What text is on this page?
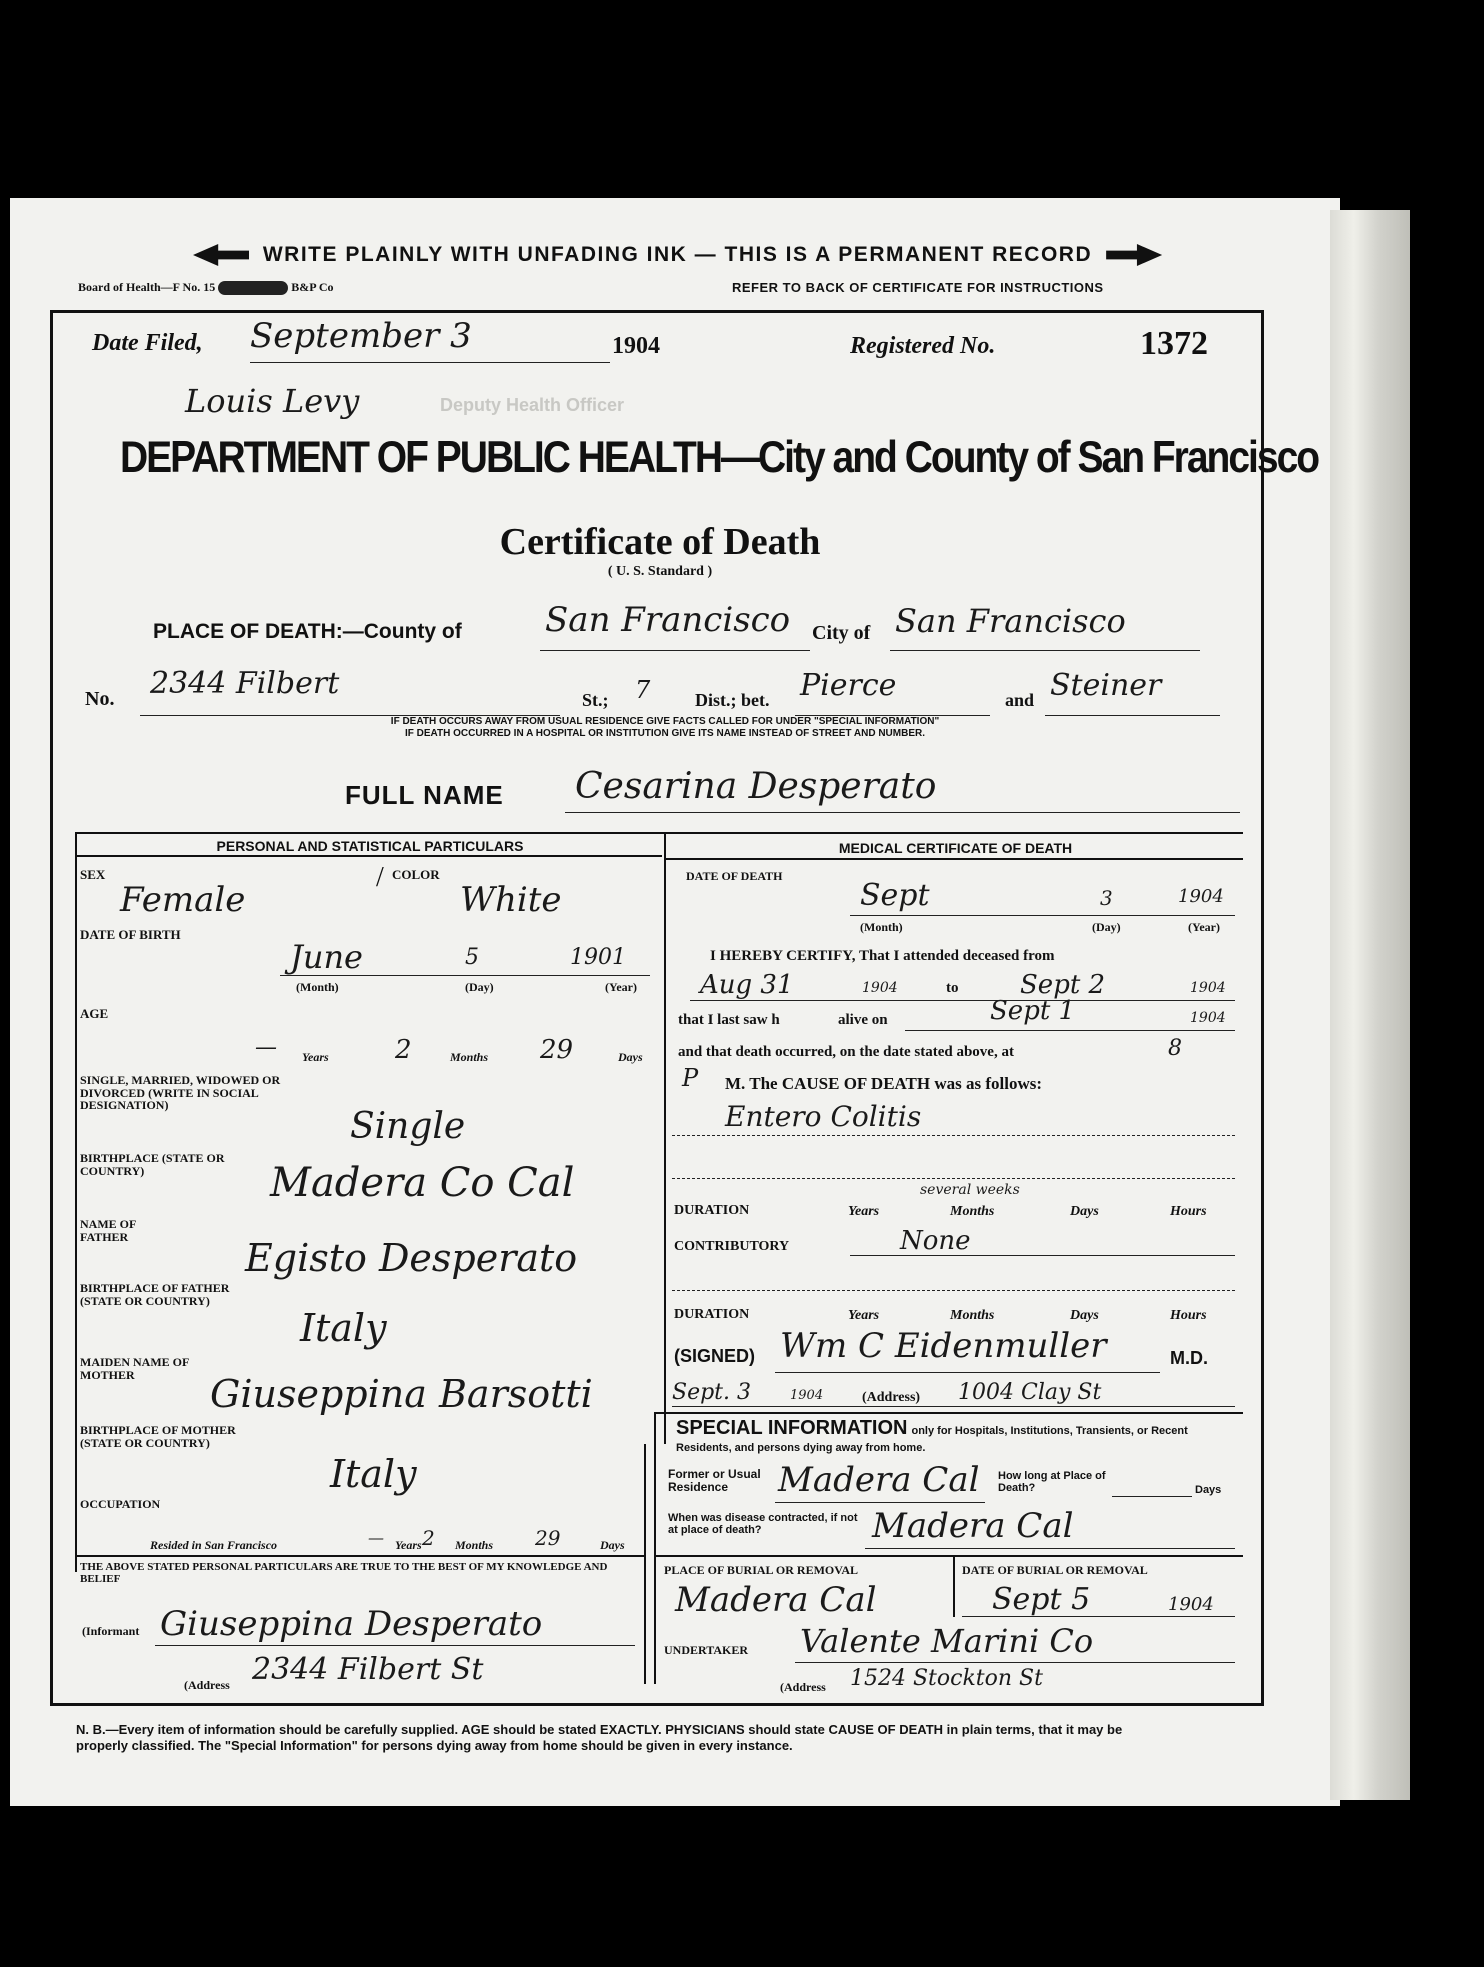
WRITE PLAINLY WITH UNFADING INK — THIS IS A PERMANENT RECORD
Board of Health—F No. 15	B&P Co	REFER TO BACK OF CERTIFICATE FOR INSTRUCTIONS
Date Filed, September 3	1904	Registered No.	1372
Louis Levy	Deputy Health Officer
DEPARTMENT OF PUBLIC HEALTH—City and County of San Francisco
Certificate of Death
( U. S. Standard )
PLACE OF DEATH:—County of San Francisco City of San Francisco
No. 2344 Filbert	St.; 7 Dist.; bet. Pierce	and Steiner
IF DEATH OCCURS AWAY FROM USUAL RESIDENCE GIVE FACTS CALLED FOR UNDER "SPECIAL INFORMATION"
IF DEATH OCCURRED IN A HOSPITAL OR INSTITUTION GIVE ITS NAME INSTEAD OF STREET AND NUMBER.
FULL NAME Cesarina Desperato
PERSONAL AND STATISTICAL PARTICULARS
SEX
Female
/ COLOR
White
DATE OF BIRTH
June	5	1901
(Month)	(Day)	(Year)
AGE
— Years	2	Months 29	Days
SINGLE, MARRIED, WIDOWED OR DIVORCED (WRITE IN SOCIAL DESIGNATION)
Single
BIRTHPLACE (STATE OR COUNTRY)	Madera Co Cal
NAME OF FATHER	Egisto Desperato
BIRTHPLACE OF FATHER (STATE OR COUNTRY)
Italy
MAIDEN NAME OF MOTHER	Giuseppina Barsotti
BIRTHPLACE OF MOTHER (STATE OR COUNTRY)
Italy
OCCUPATION
Resided in San Francisco	— Years 2 Months 29	Days
THE ABOVE STATED PERSONAL PARTICULARS ARE TRUE TO THE BEST OF MY KNOWLEDGE AND BELIEF
(Informant Giuseppina Desperato
(Address 2344 Filbert St
MEDICAL CERTIFICATE OF DEATH
DATE OF DEATH
Sept	3	1904
(Month)	(Day)	(Year)
I HEREBY CERTIFY, That I attended deceased from
Aug 31	1904	to Sept 2	1904
that I last saw h	alive on	Sept 1	1904
and that death occurred, on the date stated above, at	8
P M. The CAUSE OF DEATH was as follows:
Entero Colitis
several weeks
DURATION	Years	Months	Days	Hours
CONTRIBUTORY	None
DURATION	Years	Months	Days	Hours
(SIGNED) Wm C Eidenmuller	M.D.
Sept. 3	1904	(Address) 1004 Clay St
SPECIAL INFORMATION only for Hospitals, Institutions, Transients, or Recent Residents, and persons dying away from home.
Former or Usual Residence	Madera Cal How long at Place of Death?	Days
When was disease contracted, if not at place of death?	Madera Cal
PLACE OF BURIAL OR REMOVAL
Madera Cal
DATE OF BURIAL OR REMOVAL
Sept 5	1904
UNDERTAKER Valente Marini Co
(Address 1524 Stockton St
N. B.—Every item of information should be carefully supplied. AGE should be stated EXACTLY. PHYSICIANS should state CAUSE OF DEATH in plain terms, that it may be properly classified. The "Special Information" for persons dying away from home should be given in every instance.
